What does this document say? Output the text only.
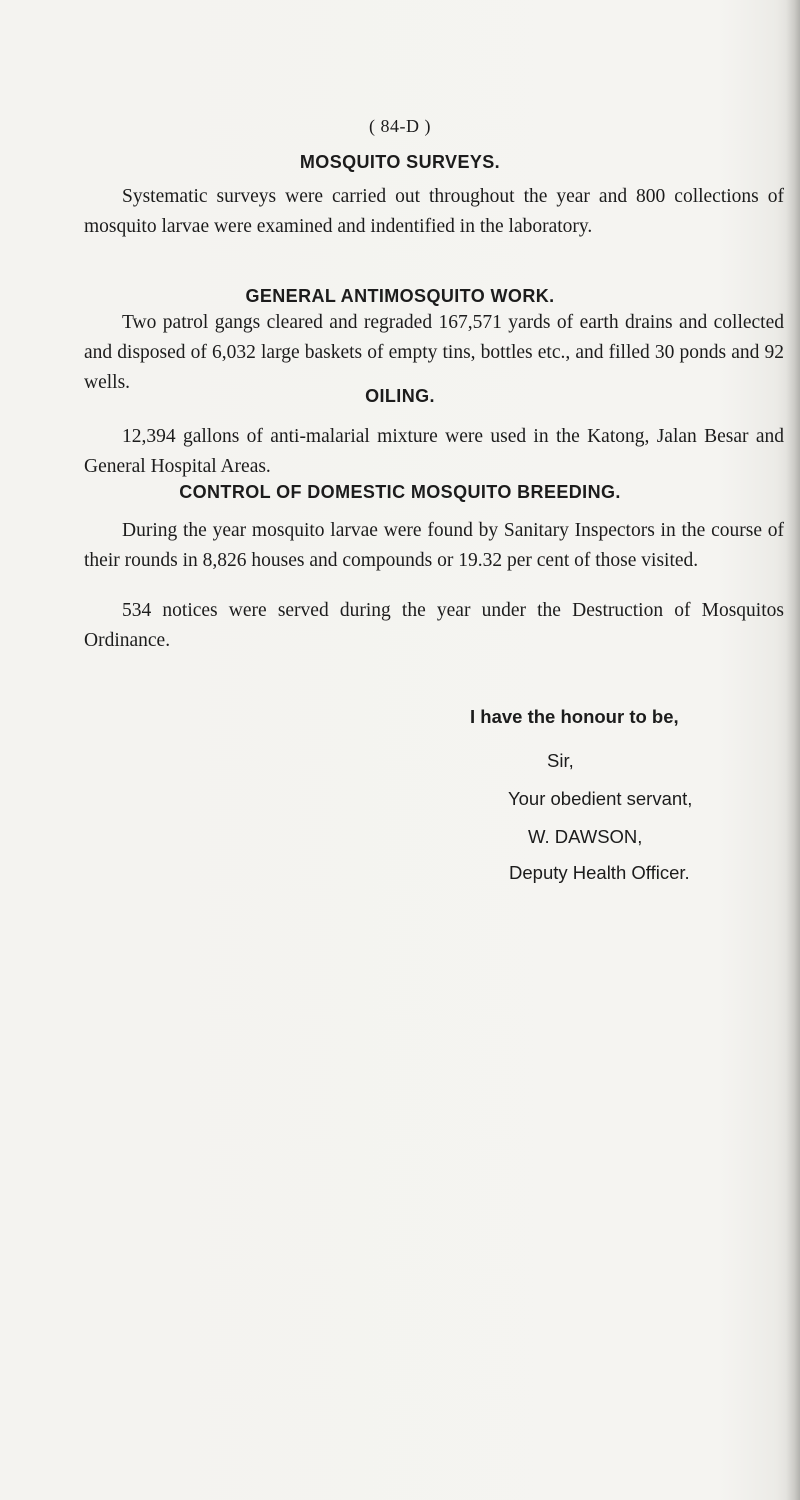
( 84-D )
MOSQUITO SURVEYS.

Systematic surveys were carried out throughout the year and 800 collections of mosquito larvae were examined and indentified in the laboratory.

GENERAL ANTIMOSQUITO WORK.

Two patrol gangs cleared and regraded 167,571 yards of earth drains and collected and disposed of 6,032 large baskets of empty tins, bottles etc., and filled 30 ponds and 92 wells.

OILING.

12,394 gallons of anti-malarial mixture were used in the Katong, Jalan Besar and General Hospital Areas.

CONTROL OF DOMESTIC MOSQUITO BREEDING.

During the year mosquito larvae were found by Sanitary Inspectors in the course of their rounds in 8,826 houses and compounds or 19.32 per cent of those visited.

534 notices were served during the year under the Destruction of Mosquitos Ordinance.

I have the honour to be,
Sir,
Your obedient servant,
W. DAWSON,
Deputy Health Officer.
